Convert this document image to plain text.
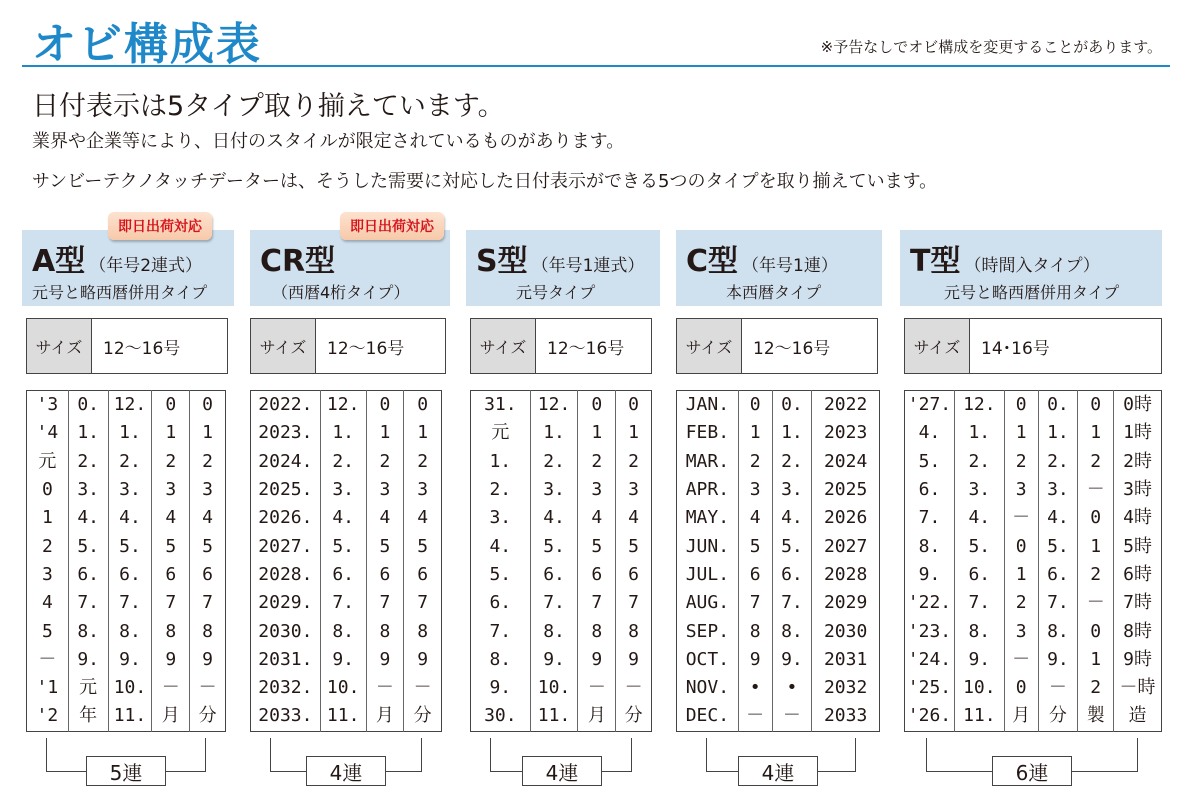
オビ構成表	※予告なしでオビ構成を変更することがあります。
日付表示は5タイプ取り揃えています。
業界や企業等により、日付のスタイルが限定されているものがあります。
サンビーテクノタッチデーターは、そうした需要に対応した日付表示ができる5つのタイプを取り揃えています。
A型 （年号2連式）
元号と略西暦併用タイプ
即日出荷対応
サイズ	12～16号
'3	0.	12.	0	0
'4	1.	1.	1	1
元	2.	2.	2	2
0	3.	3.	3	3
1	4.	4.	4	4
2	5.	5.	5	5
3	6.	6.	6	6
4	7.	7.	7	7
5	8.	8.	8	8
－	9.	9.	9	9
'1	元	10.	－	－
'2	年	11.	月	分
5連
CR型
（西暦4桁タイプ）
即日出荷対応
サイズ	12～16号
2022.	12.	0	0
2023.	1.	1	1
2024.	2.	2	2
2025.	3.	3	3
2026.	4.	4	4
2027.	5.	5	5
2028.	6.	6	6
2029.	7.	7	7
2030.	8.	8	8
2031.	9.	9	9
2032.	10.	－	－
2033.	11.	月	分
4連
S型 （年号1連式）
元号タイプ
サイズ	12～16号
31.	12.	0	0
元	1.	1	1
1.	2.	2	2
2.	3.	3	3
3.	4.	4	4
4.	5.	5	5
5.	6.	6	6
6.	7.	7	7
7.	8.	8	8
8.	9.	9	9
9.	10.	－	－
30.	11.	月	分
4連
C型 （年号1連）
本西暦タイプ
サイズ	12～16号
JAN.	0	0.	2022
FEB.	1	1.	2023
MAR.	2	2.	2024
APR.	3	3.	2025
MAY.	4	4.	2026
JUN.	5	5.	2027
JUL.	6	6.	2028
AUG.	7	7.	2029
SEP.	8	8.	2030
OCT.	9	9.	2031
NOV.	•	•	2032
DEC.	－	－	2033
4連
T型 （時間入タイプ）
元号と略西暦併用タイプ
サイズ	14･16号
'27.	12.	0	0.	0	0時
4.	1.	1	1.	1	1時
5.	2.	2	2.	2	2時
6.	3.	3	3.	－	3時
7.	4.	－	4.	0	4時
8.	5.	0	5.	1	5時
9.	6.	1	6.	2	6時
'22.	7.	2	7.	－	7時
'23.	8.	3	8.	0	8時
'24.	9.	－	9.	1	9時
'25.	10.	0	－	2	－時
'26.	11.	月	分	製	造
6連
